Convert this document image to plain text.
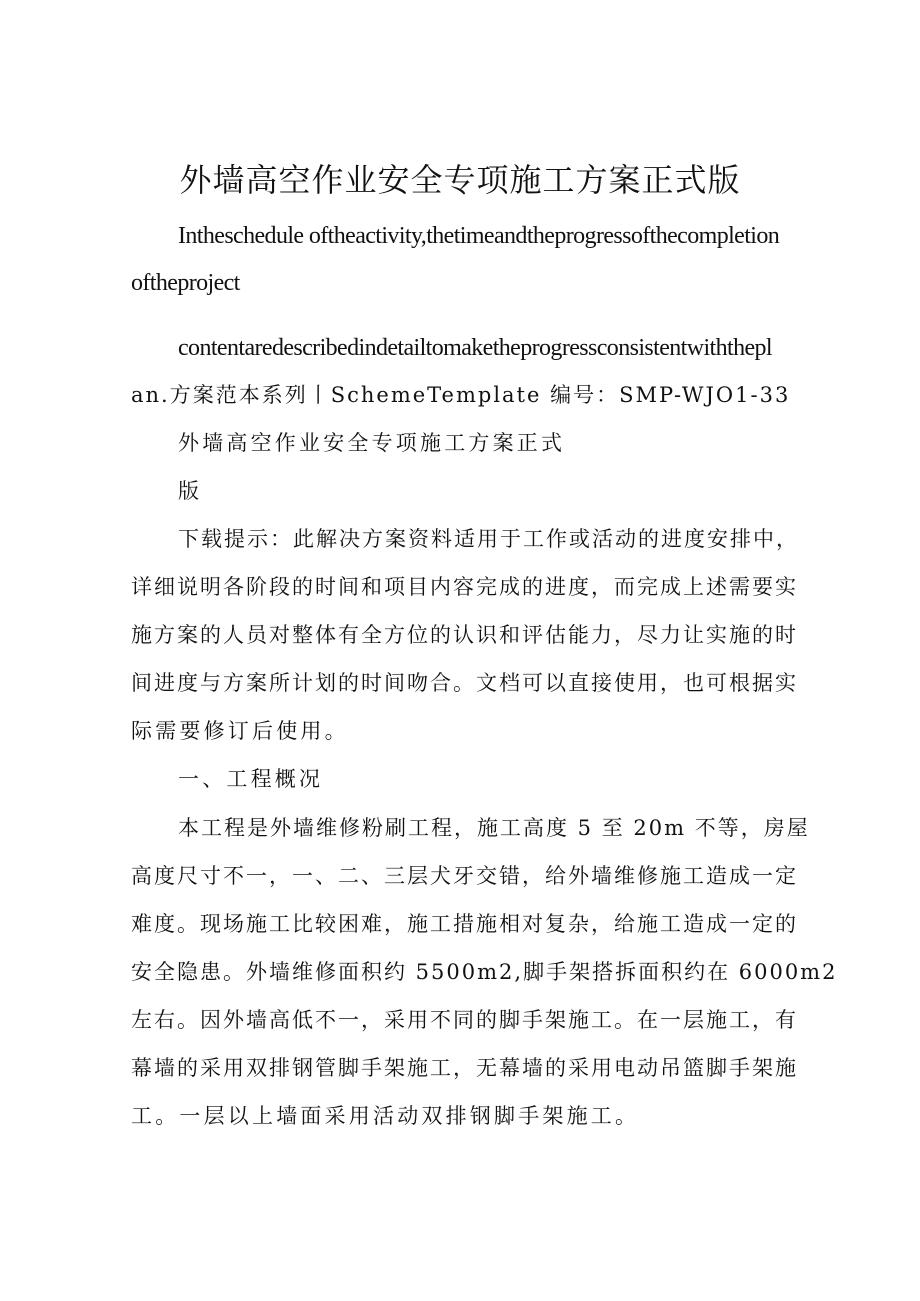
外墙高空作业安全专项施工方案正式版
Intheschedule oftheactivity,thetimeandtheprogressofthecompletion
oftheproject
contentaredescribedindetailtomaketheprogressconsistentwiththepl
an.方案范本系列丨SchemeTemplate 编号：SMP-WJO1-33
外墙高空作业安全专项施工方案正式
版
下载提示：此解决方案资料适用于工作或活动的进度安排中，
详细说明各阶段的时间和项目内容完成的进度，而完成上述需要实
施方案的人员对整体有全方位的认识和评估能力，尽力让实施的时
间进度与方案所计划的时间吻合。文档可以直接使用，也可根据实
际需要修订后使用。
一、工程概况
本工程是外墙维修粉刷工程，施工高度 5 至 20m 不等，房屋
高度尺寸不一，一、二、三层犬牙交错，给外墙维修施工造成一定
难度。现场施工比较困难，施工措施相对复杂，给施工造成一定的
安全隐患。外墙维修面积约 5500m2,脚手架搭拆面积约在 6000m2
左右。因外墙高低不一，采用不同的脚手架施工。在一层施工，有
幕墙的采用双排钢管脚手架施工，无幕墙的采用电动吊篮脚手架施
工。一层以上墙面采用活动双排钢脚手架施工。
